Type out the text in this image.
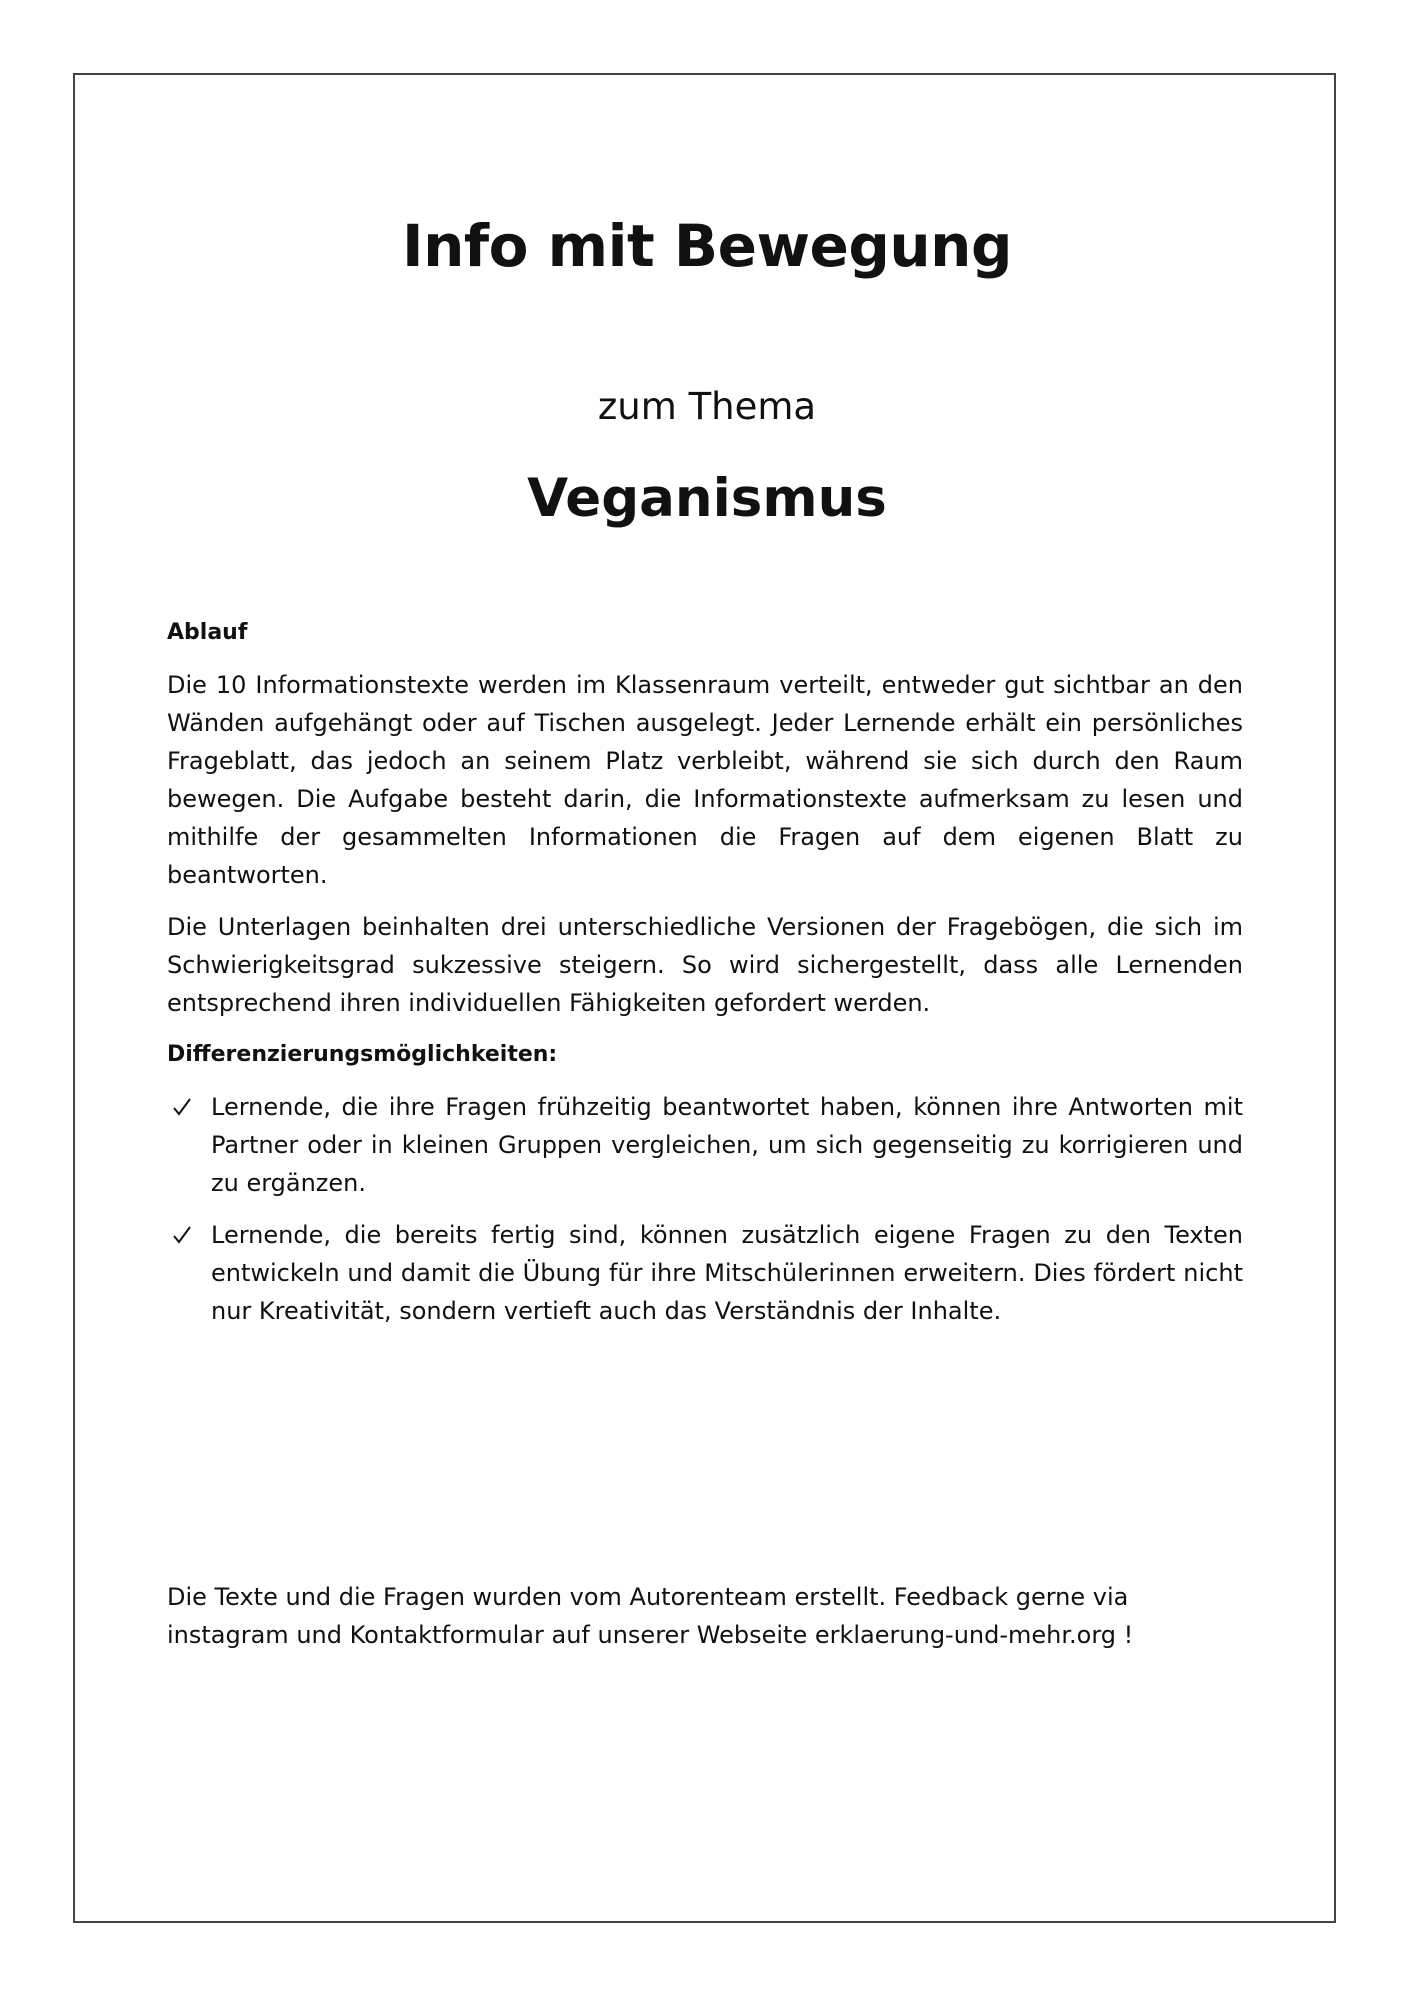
Info mit Bewegung
zum Thema
Veganismus
Ablauf

Die 10 Informationstexte werden im Klassenraum verteilt, entweder gut sichtbar an den Wänden aufgehängt oder auf Tischen ausgelegt. Jeder Lernende erhält ein persönliches Frageblatt, das jedoch an seinem Platz verbleibt, während sie sich durch den Raum bewegen. Die Aufgabe besteht darin, die Informationstexte aufmerksam zu lesen und mithilfe der gesammelten Informationen die Fragen auf dem eigenen Blatt zu beantworten.

Die Unterlagen beinhalten drei unterschiedliche Versionen der Fragebögen, die sich im Schwierigkeitsgrad sukzessive steigern. So wird sichergestellt, dass alle Lernenden entsprechend ihren individuellen Fähigkeiten gefordert werden.

Differenzierungsmöglichkeiten:
Lernende, die ihre Fragen frühzeitig beantwortet haben, können ihre Antworten mit Partner oder in kleinen Gruppen vergleichen, um sich gegenseitig zu korrigieren und zu ergänzen.
Lernende, die bereits fertig sind, können zusätzlich eigene Fragen zu den Texten entwickeln und damit die Übung für ihre Mitschülerinnen erweitern. Dies fördert nicht nur Kreativität, sondern vertieft auch das Verständnis der Inhalte.

Die Texte und die Fragen wurden vom Autorenteam erstellt. Feedback gerne via

instagram und Kontaktformular auf unserer Webseite erklaerung-und-mehr.org !
